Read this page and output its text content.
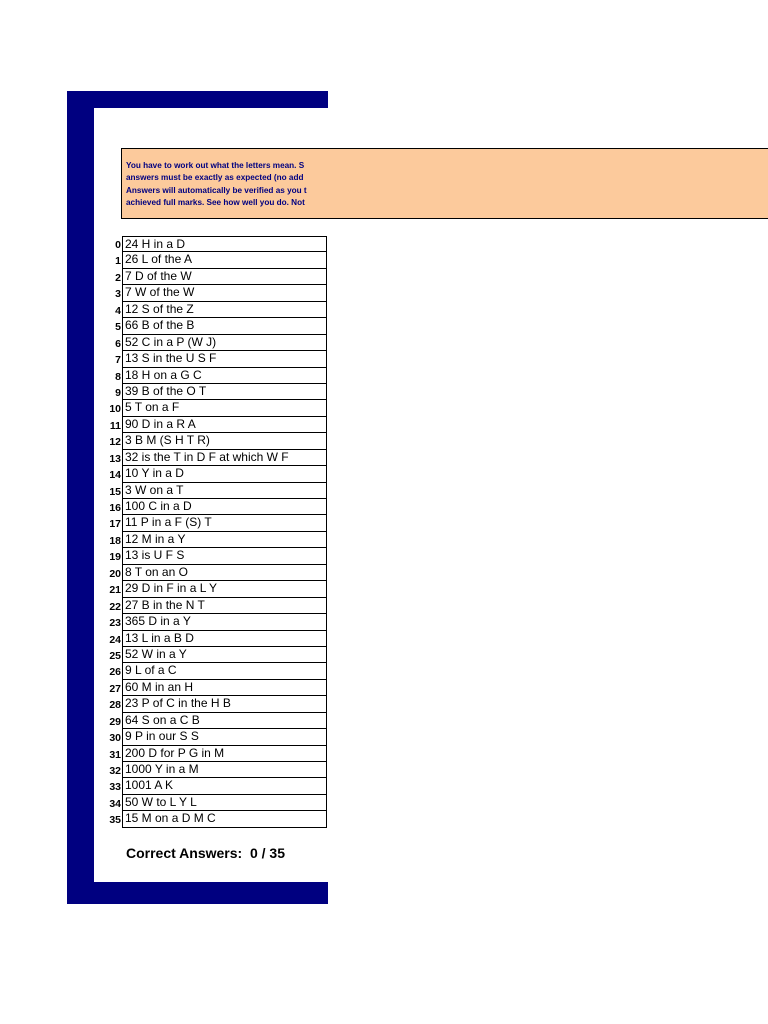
You have to work out what the letters mean. S
answers must be exactly as expected (no add
Answers will automatically be verified as you t
achieved full marks. See how well you do. Not
0 24 H in a D
1 26 L of the A
2 7 D of the W
3 7 W of the W
4 12 S of the Z
5 66 B of the B
6 52 C in a P (W J)
7 13 S in the U S F
8 18 H on a G C
9 39 B of the O T
10 5 T on a F
11 90 D in a R A
12 3 B M (S H T R)
13 32 is the T in D F at which W F
14 10 Y in a D
15 3 W on a T
16 100 C in a D
17 11 P in a F (S) T
18 12 M in a Y
19 13 is U F S
20 8 T on an O
21 29 D in F in a L Y
22 27 B in the N T
23 365 D in a Y
24 13 L in a B D
25 52 W in a Y
26 9 L of a C
27 60 M in an H
28 23 P of C in the H B
29 64 S on a C B
30 9 P in our S S
31 200 D for P G in M
32 1000 Y in a M
33 1001 A K
34 50 W to L Y L
35 15 M on a D M C
Correct Answers: 0 / 35
